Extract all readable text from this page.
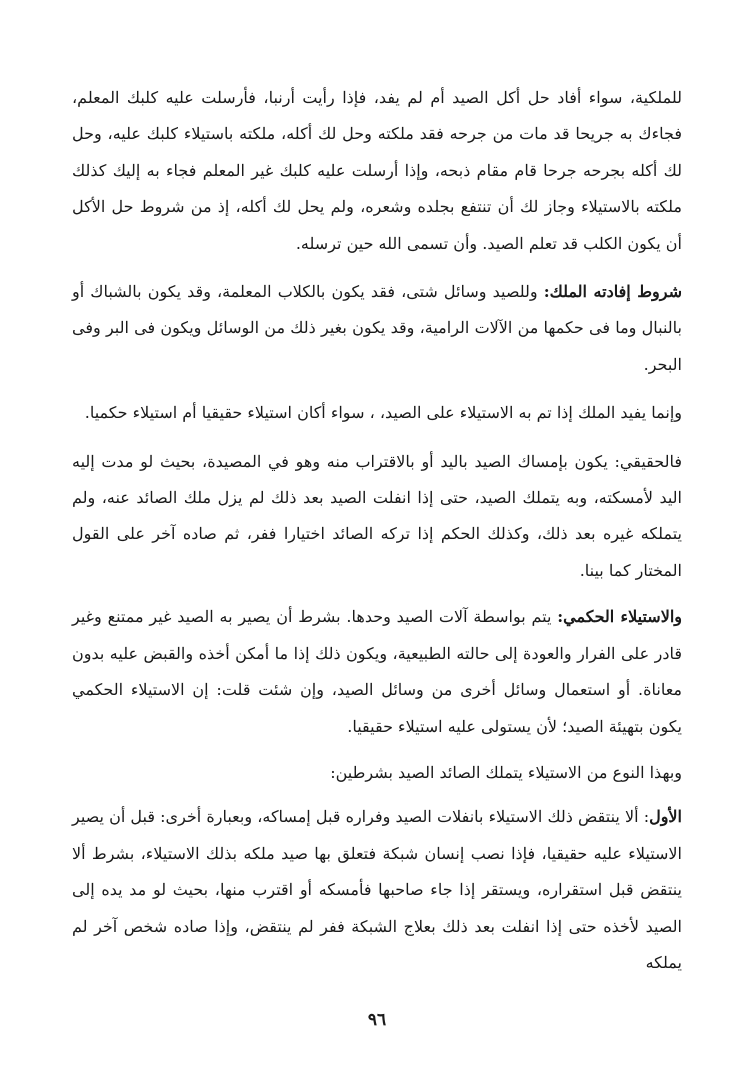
للملكية، سواء أفاد حل أكل الصيد أم لم يفد، فإذا رأيت أرنبا، فأرسلت عليه كلبك المعلم، فجاءك به جريحا قد مات من جرحه فقد ملكته وحل لك أكله، ملكته باستيلاء كلبك عليه، وحل لك أكله بجرحه جرحا قام مقام ذبحه، وإذا أرسلت عليه كلبك غير المعلم فجاء به إليك كذلك ملكته بالاستيلاء وجاز لك أن تنتفع بجلده وشعره، ولم يحل لك أكله، إذ من شروط حل الأكل أن يكون الكلب قد تعلم الصيد. وأن تسمى الله حين ترسله.

شروط إفادته الملك: وللصيد وسائل شتى، فقد يكون بالكلاب المعلمة، وقد يكون بالشباك أو بالنبال وما فى حكمها من الآلات الرامية، وقد يكون بغير ذلك من الوسائل ويكون فى البر وفى البحر.

وإنما يفيد الملك إذا تم به الاستيلاء على الصيد، ، سواء أكان استيلاء حقيقيا أم استيلاء حكميا.

فالحقيقي: يكون بإمساك الصيد باليد أو بالاقتراب منه وهو في المصيدة، بحيث لو مدت إليه اليد لأمسكته، وبه يتملك الصيد، حتى إذا انفلت الصيد بعد ذلك لم يزل ملك الصائد عنه، ولم يتملكه غيره بعد ذلك، وكذلك الحكم إذا تركه الصائد اختيارا ففر، ثم صاده آخر على القول المختار كما بينا.

والاستيلاء الحكمي: يتم بواسطة آلات الصيد وحدها. بشرط أن يصير به الصيد غير ممتنع وغير قادر على الفرار والعودة إلى حالته الطبيعية، ويكون ذلك إذا ما أمكن أخذه والقبض عليه بدون معاناة. أو استعمال وسائل أخرى من وسائل الصيد، وإن شئت قلت: إن الاستيلاء الحكمي يكون بتهيئة الصيد؛ لأن يستولى عليه استيلاء حقيقيا.

وبهذا النوع من الاستيلاء يتملك الصائد الصيد بشرطين:

الأول: ألا ينتقض ذلك الاستيلاء بانفلات الصيد وفراره قبل إمساكه، وبعبارة أخرى: قبل أن يصير الاستيلاء عليه حقيقيا، فإذا نصب إنسان شبكة فتعلق بها صيد ملكه بذلك الاستيلاء، بشرط ألا ينتقض قبل استقراره، ويستقر إذا جاء صاحبها فأمسكه أو اقترب منها، بحيث لو مد يده إلى الصيد لأخذه حتى إذا انفلت بعد ذلك بعلاج الشبكة ففر لم ينتقض، وإذا صاده شخص آخر لم يملكه

٩٦
